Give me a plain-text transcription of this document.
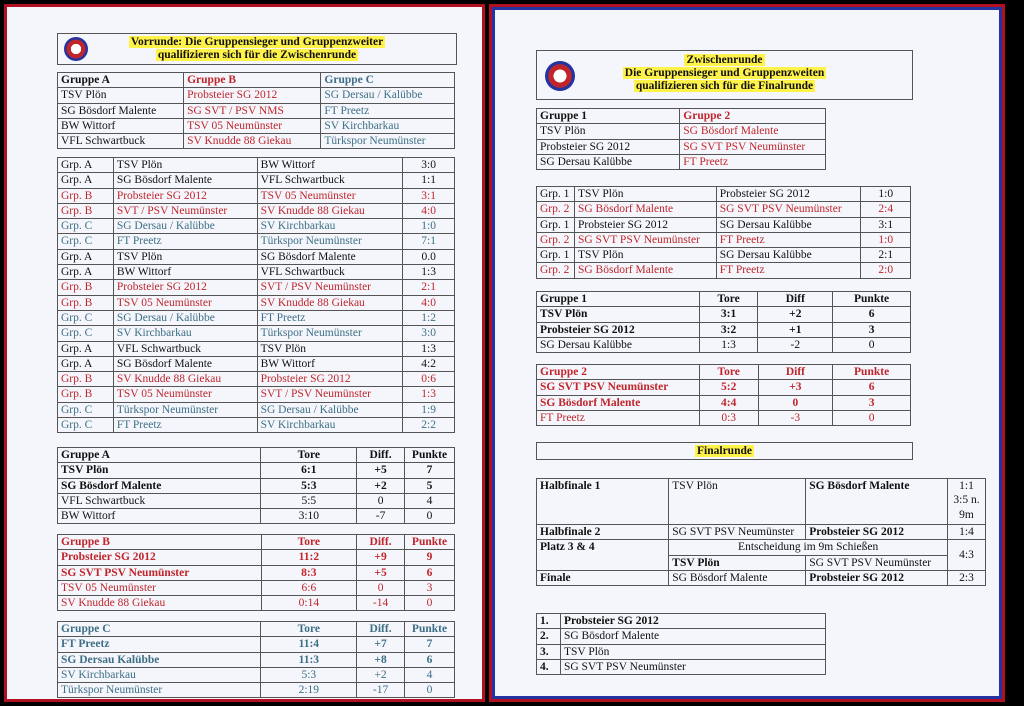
Vorrunde: Die Gruppensieger und Gruppenzweiter
qualifizieren sich für die Zwischenrunde
Gruppe A	Gruppe B	Gruppe C
TSV Plön	Probsteier SG 2012	SG Dersau / Kalübbe
SG Bösdorf Malente	SG SVT / PSV NMS	FT Preetz
BW Wittorf	TSV 05 Neumünster	SV Kirchbarkau
VFL Schwartbuck	SV Knudde 88 Giekau	Türkspor Neumünster
Grp. A	TSV Plön	BW Wittorf	3:0
Grp. A	SG Bösdorf Malente	VFL Schwartbuck	1:1
Grp. B	Probsteier SG 2012	TSV 05 Neumünster	3:1
Grp. B	SVT / PSV Neumünster	SV Knudde 88 Giekau	4:0
Grp. C	SG Dersau / Kalübbe	SV Kirchbarkau	1:0
Grp. C	FT Preetz	Türkspor Neumünster	7:1
Grp. A	TSV Plön	SG Bösdorf Malente	0.0
Grp. A	BW Wittorf	VFL Schwartbuck	1:3
Grp. B	Probsteier SG 2012	SVT / PSV Neumünster	2:1
Grp. B	TSV 05 Neumünster	SV Knudde 88 Giekau	4:0
Grp. C	SG Dersau / Kalübbe	FT Preetz	1:2
Grp. C	SV Kirchbarkau	Türkspor Neumünster	3:0
Grp. A	VFL Schwartbuck	TSV Plön	1:3
Grp. A	SG Bösdorf Malente	BW Wittorf	4:2
Grp. B	SV Knudde 88 Giekau	Probsteier SG 2012	0:6
Grp. B	TSV 05 Neumünster	SVT / PSV Neumünster	1:3
Grp. C	Türkspor Neumünster	SG Dersau / Kalübbe	1:9
Grp. C	FT Preetz	SV Kirchbarkau	2:2
Gruppe A	Tore	Diff.	Punkte
TSV Plön	6:1	+5	7
SG Bösdorf Malente	5:3	+2	5
VFL Schwartbuck	5:5	0	4
BW Wittorf	3:10	-7	0
Gruppe B	Tore	Diff.	Punkte
Probsteier SG 2012	11:2	+9	9
SG SVT PSV Neumünster	8:3	+5	6
TSV 05 Neumünster	6:6	0	3
SV Knudde 88 Giekau	0:14	-14	0
Gruppe C	Tore	Diff.	Punkte
FT Preetz	11:4	+7	7
SG Dersau Kalübbe	11:3	+8	6
SV Kirchbarkau	5:3	+2	4
Türkspor Neumünster	2:19	-17	0
Zwischenrunde
Die Gruppensieger und Gruppenzweiten
qualifizieren sich für die Finalrunde
Gruppe 1	Gruppe 2
TSV Plön	SG Bösdorf Malente
Probsteier SG 2012	SG SVT PSV Neumünster
SG Dersau Kalübbe	FT Preetz
Grp. 1	TSV Plön	Probsteier SG 2012	1:0
Grp. 2	SG Bösdorf Malente	SG SVT PSV Neumünster	2:4
Grp. 1	Probsteier SG 2012	SG Dersau Kalübbe	3:1
Grp. 2	SG SVT PSV Neumünster	FT Preetz	1:0
Grp. 1	TSV Plön	SG Dersau Kalübbe	2:1
Grp. 2	SG Bösdorf Malente	FT Preetz	2:0
Gruppe 1	Tore	Diff	Punkte
TSV Plön	3:1	+2	6
Probsteier SG 2012	3:2	+1	3
SG Dersau Kalübbe	1:3	-2	0
Gruppe 2	Tore	Diff	Punkte
SG SVT PSV Neumünster	5:2	+3	6
SG Bösdorf Malente	4:4	0	3
FT Preetz	0:3	-3	0
Finalrunde
Halbfinale 1	TSV Plön	SG Bösdorf Malente	1:1
3:5 n.
9m

Halbfinale 2	SG SVT PSV Neumünster	Probsteier SG 2012	1:4
Platz 3 & 4	Entscheidung im 9m Schießen		4:3
	TSV Plön	SG SVT PSV Neumünster	
Finale	SG Bösdorf Malente	Probsteier SG 2012	2:3
1.	Probsteier SG 2012
2.	SG Bösdorf Malente
3.	TSV Plön
4.	SG SVT PSV Neumünster
